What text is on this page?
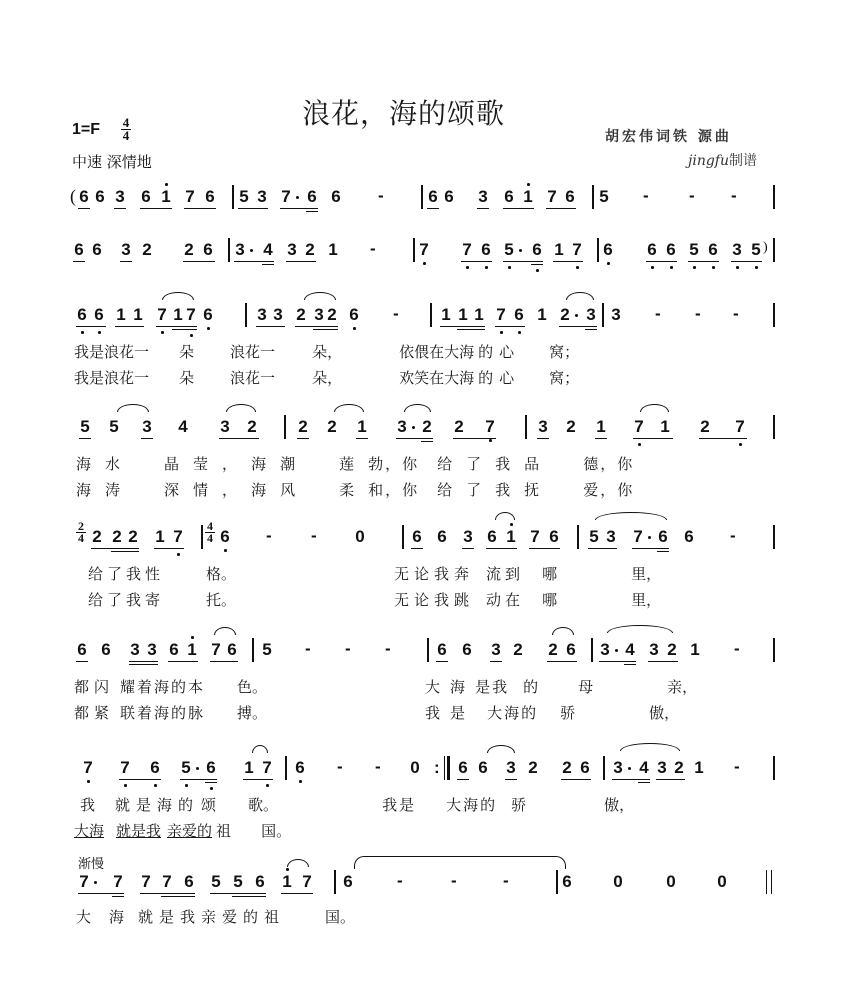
浪花，海的颂歌
1=F 4
4
中速 深情地
胡宏伟词铁 源曲
jingfu制谱
( 6 6 3 6 1 7 6 5 3 7 6 6 -	6 6 3 6 1 7 6 5 - - -
6 6 3 2 2 6 3 4 3 2 1 -	7 7 6 5 6 1 7 6 6 6 5 6 3 5 )
6 6 1 1 7 1 7 6	3 3 2 3 2 6 -	1 1 1 7 6 1 2 3 3 - - -
我是浪花一 朵 浪花一 朵，	依偎在大海 的 心 窝；
我是浪花一 朵 浪花一 朵，	欢笑在大海 的 心 窝；
5 5 3 4 3 2 2 2 1 3 2 2 7	3 2 1 7 1 2 7
海水 晶莹，海潮 莲勃，你 给了我品 德，你
海涛 深情，海风 柔和，你 给了我抚 爱，你
2
4 2 2 2 1 7
4
4 6 - - 0	6 6 3 6 1 7 6 5 3 7 6 6 -
给了我性	格。	无论我奔 流到 哪	里，
给了我寄	托。	无论我跳 动在 哪	里，
6 6 3 3 6 1 7 6 5 - - -	6 6 3 2 2 6 3 4 3 2 1 -
都闪 耀着海的本 色。	大海是我 的	母	亲，
都紧 联着海的脉 搏。	我是 大海的 骄	傲，
7 7 6 5 6 1 7 6 - - 0 : 6 6 3 2 2 6 3 4 3 2 1 -
我 就是海的 颂 歌。	我是 大海的 骄	傲，
大海 就是我 亲爱的 祖 国。
渐慢
7 7 7 7 6 5 5 6 1 7 6	-	-	-	6 0	0 0
大 海 就是我亲爱的祖	国。
